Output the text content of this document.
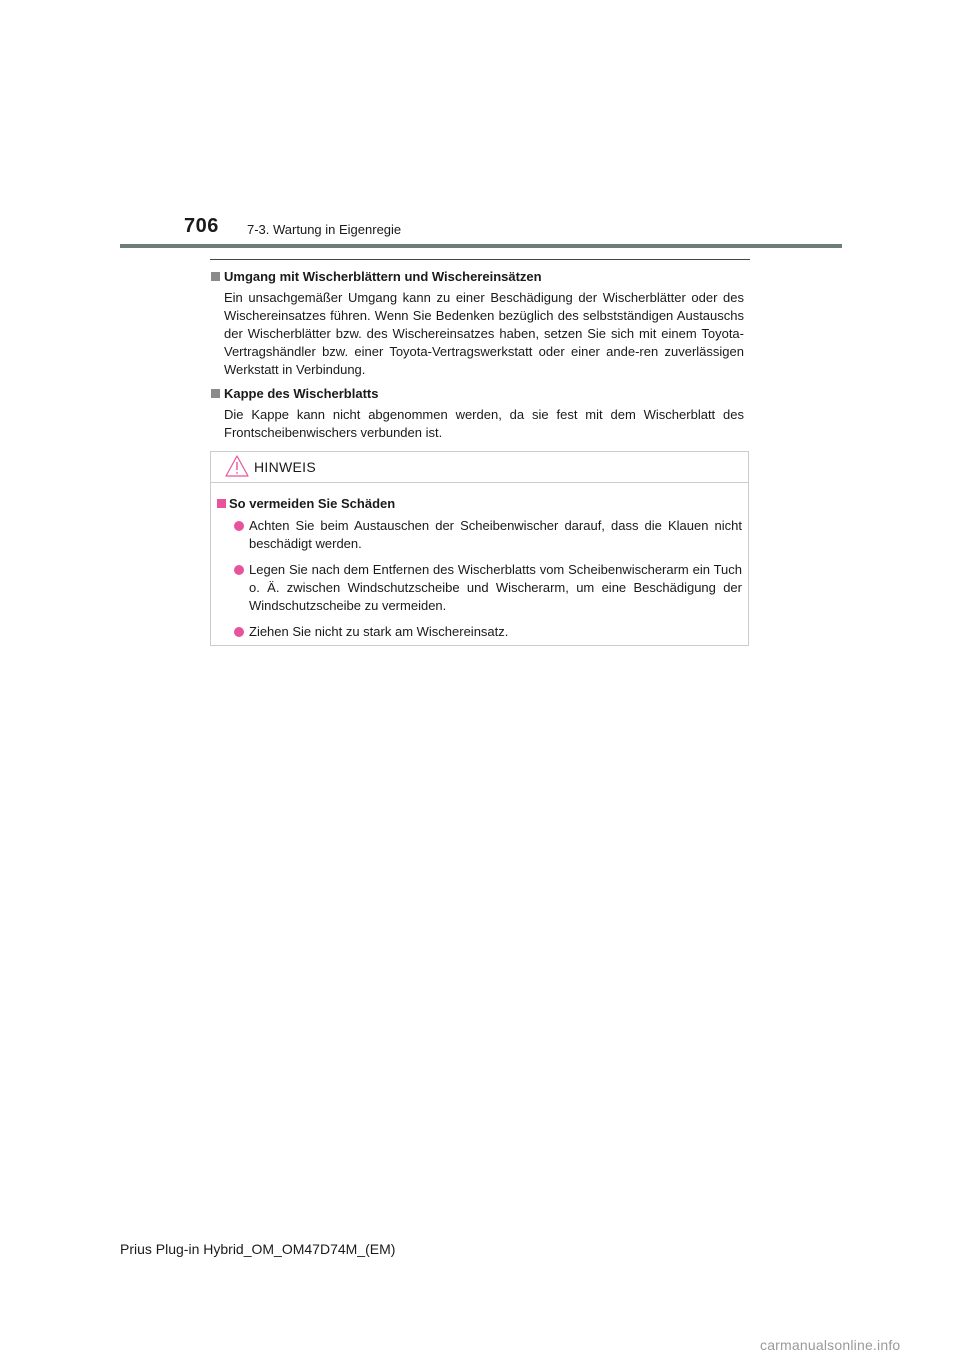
706 7-3. Wartung in Eigenregie

Umgang mit Wischerblättern und Wischereinsätzen

Ein unsachgemäßer Umgang kann zu einer Beschädigung der Wischerblätter oder des Wischereinsatzes führen. Wenn Sie Bedenken bezüglich des selbstständigen Austauschs der Wischerblätter bzw. des Wischereinsatzes haben, setzen Sie sich mit einem Toyota-Vertragshändler bzw. einer Toyota-Vertragswerkstatt oder einer ande-ren zuverlässigen Werkstatt in Verbindung.

Kappe des Wischerblatts

Die Kappe kann nicht abgenommen werden, da sie fest mit dem Wischerblatt des Frontscheibenwischers verbunden ist.

HINWEIS

So vermeiden Sie Schäden

Achten Sie beim Austauschen der Scheibenwischer darauf, dass die Klauen nicht beschädigt werden.
Legen Sie nach dem Entfernen des Wischerblatts vom Scheibenwischerarm ein Tuch o. Ä. zwischen Windschutzscheibe und Wischerarm, um eine Beschädigung der Windschutzscheibe zu vermeiden.
Ziehen Sie nicht zu stark am Wischereinsatz.
Prius Plug-in Hybrid_OM_OM47D74M_(EM)
carmanualsonline.info
